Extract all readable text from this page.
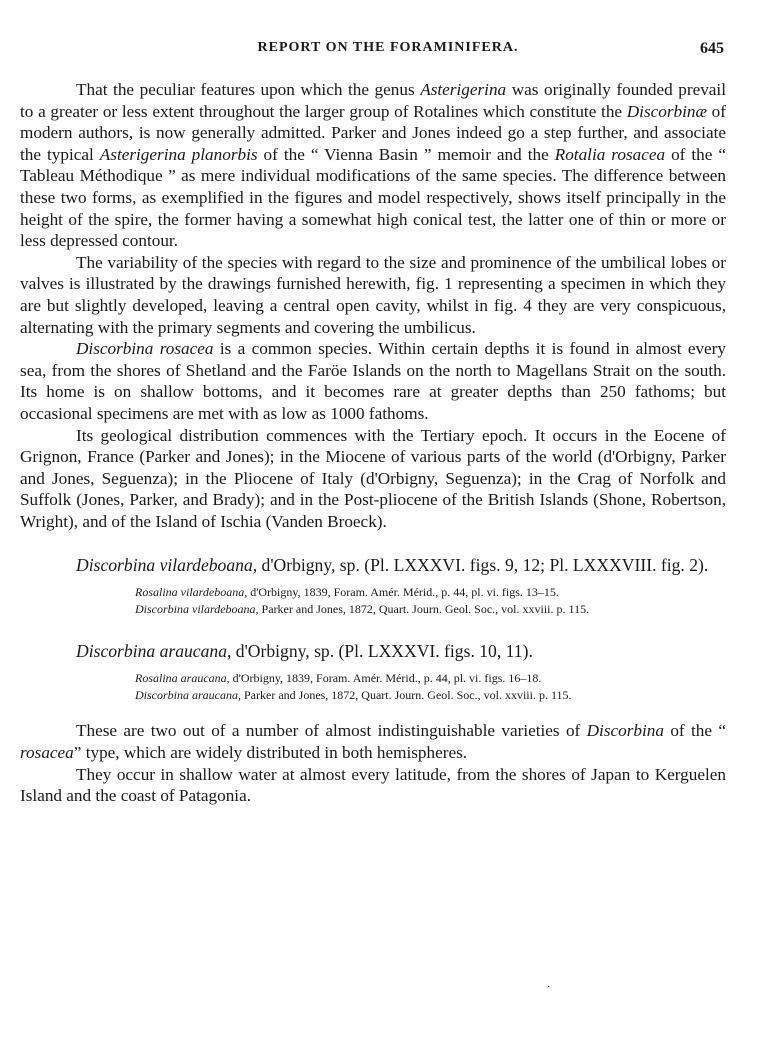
REPORT ON THE FORAMINIFERA.	645

That the peculiar features upon which the genus Asterigerina was originally founded prevail to a greater or less extent throughout the larger group of Rotalines which constitute the Discorbinæ of modern authors, is now generally admitted. Parker and Jones indeed go a step further, and associate the typical Asterigerina planorbis of the “ Vienna Basin ” memoir and the Rotalia rosacea of the “ Tableau Méthodique ” as mere individual modifications of the same species. The difference between these two forms, as exemplified in the figures and model respectively, shows itself principally in the height of the spire, the former having a somewhat high conical test, the latter one of thin or more or less depressed contour.

The variability of the species with regard to the size and prominence of the umbilical lobes or valves is illustrated by the drawings furnished herewith, fig. 1 representing a specimen in which they are but slightly developed, leaving a central open cavity, whilst in fig. 4 they are very conspicuous, alternating with the primary segments and covering the umbilicus.

Discorbina rosacea is a common species. Within certain depths it is found in almost every sea, from the shores of Shetland and the Faröe Islands on the north to Magellans Strait on the south. Its home is on shallow bottoms, and it becomes rare at greater depths than 250 fathoms; but occasional specimens are met with as low as 1000 fathoms.

Its geological distribution commences with the Tertiary epoch. It occurs in the Eocene of Grignon, France (Parker and Jones); in the Miocene of various parts of the world (d'Orbigny, Parker and Jones, Seguenza); in the Pliocene of Italy (d'Orbigny, Seguenza); in the Crag of Norfolk and Suffolk (Jones, Parker, and Brady); and in the Post-pliocene of the British Islands (Shone, Robertson, Wright), and of the Island of Ischia (Vanden Broeck).

Discorbina vilardeboana, d'Orbigny, sp. (Pl. LXXXVI. figs. 9, 12; Pl. LXXXVIII. fig. 2).

Rosalina vilardeboana, d'Orbigny, 1839, Foram. Amér. Mérid., p. 44, pl. vi. figs. 13–15.
Discorbina vilardeboana, Parker and Jones, 1872, Quart. Journ. Geol. Soc., vol. xxviii. p. 115.

Discorbina araucana, d'Orbigny, sp. (Pl. LXXXVI. figs. 10, 11).

Rosalina araucana, d'Orbigny, 1839, Foram. Amér. Mérid., p. 44, pl. vi. figs. 16–18.
Discorbina araucana, Parker and Jones, 1872, Quart. Journ. Geol. Soc., vol. xxviii. p. 115.

These are two out of a number of almost indistinguishable varieties of Discorbina of the “ rosacea” type, which are widely distributed in both hemispheres.

They occur in shallow water at almost every latitude, from the shores of Japan to Kerguelen Island and the coast of Patagonia.

·
